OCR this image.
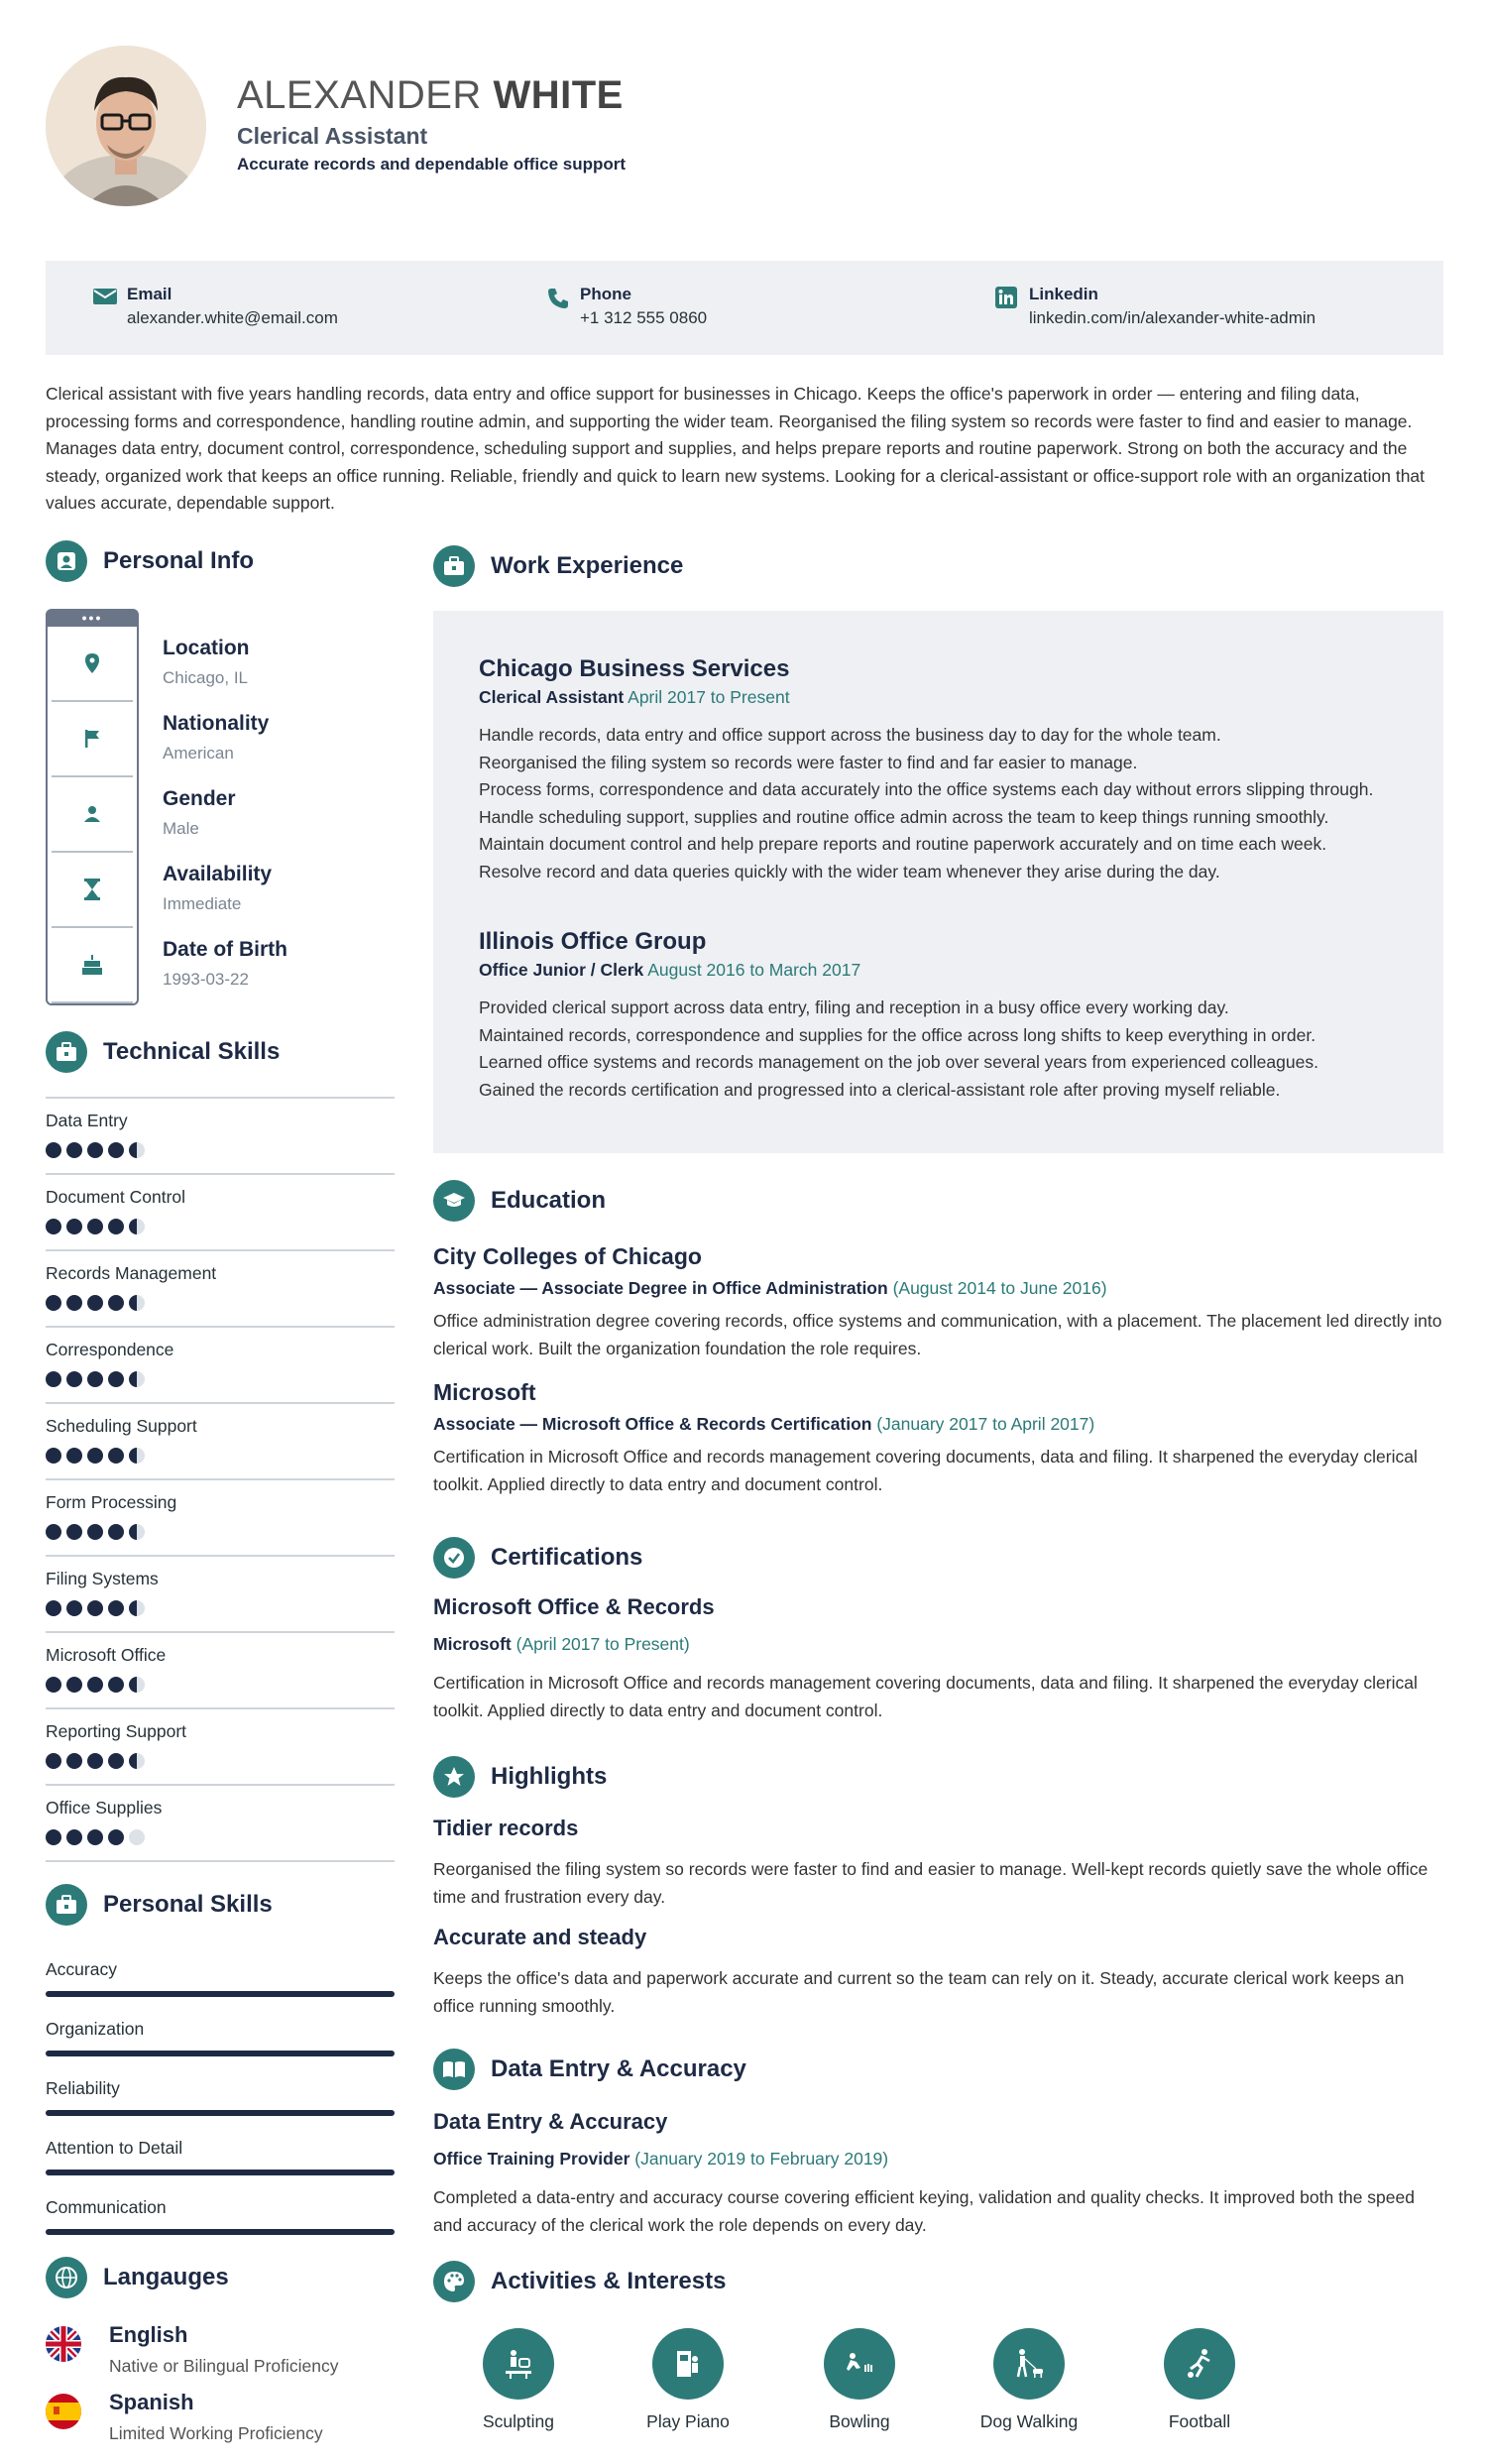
ALEXANDER WHITE
Clerical Assistant
Accurate records and dependable office support
Email
alexander.white@email.com
Phone
+1 312 555 0860
Linkedin
linkedin.com/in/alexander-white-admin
Clerical assistant with five years handling records, data entry and office support for businesses in Chicago. Keeps the office's paperwork in order — entering and filing data, processing forms and correspondence, handling routine admin, and supporting the wider team. Reorganised the filing system so records were faster to find and easier to manage. Manages data entry, document control, correspondence, scheduling support and supplies, and helps prepare reports and routine paperwork. Strong on both the accuracy and the steady, organized work that keeps an office running. Reliable, friendly and quick to learn new systems. Looking for a clerical-assistant or office-support role with an organization that values accurate, dependable support.
Personal Info
•••
Location
Chicago, IL
Nationality
American
Gender
Male
Availability
Immediate
Date of Birth
1993-03-22
Technical Skills
Data Entry
Document Control
Records Management
Correspondence
Scheduling Support
Form Processing
Filing Systems
Microsoft Office
Reporting Support
Office Supplies
Personal Skills
Accuracy
Organization
Reliability
Attention to Detail
Communication
Langauges
English
Native or Bilingual Proficiency
Spanish
Limited Working Proficiency
Work Experience
Chicago Business Services
Clerical Assistant April 2017 to Present
Handle records, data entry and office support across the business day to day for the whole team.
Reorganised the filing system so records were faster to find and far easier to manage.
Process forms, correspondence and data accurately into the office systems each day without errors slipping through.
Handle scheduling support, supplies and routine office admin across the team to keep things running smoothly.
Maintain document control and help prepare reports and routine paperwork accurately and on time each week.
Resolve record and data queries quickly with the wider team whenever they arise during the day.
Illinois Office Group
Office Junior / Clerk August 2016 to March 2017
Provided clerical support across data entry, filing and reception in a busy office every working day.
Maintained records, correspondence and supplies for the office across long shifts to keep everything in order.
Learned office systems and records management on the job over several years from experienced colleagues.
Gained the records certification and progressed into a clerical-assistant role after proving myself reliable.
Education
City Colleges of Chicago
Associate — Associate Degree in Office Administration (August 2014 to June 2016)
Office administration degree covering records, office systems and communication, with a placement. The placement led directly into clerical work. Built the organization foundation the role requires.
Microsoft
Associate — Microsoft Office & Records Certification (January 2017 to April 2017)
Certification in Microsoft Office and records management covering documents, data and filing. It sharpened the everyday clerical toolkit. Applied directly to data entry and document control.
Certifications
Microsoft Office & Records
Microsoft (April 2017 to Present)
Certification in Microsoft Office and records management covering documents, data and filing. It sharpened the everyday clerical toolkit. Applied directly to data entry and document control.
Highlights
Tidier records
Reorganised the filing system so records were faster to find and easier to manage. Well-kept records quietly save the whole office time and frustration every day.
Accurate and steady
Keeps the office's data and paperwork accurate and current so the team can rely on it. Steady, accurate clerical work keeps an office running smoothly.
Data Entry & Accuracy
Data Entry & Accuracy
Office Training Provider (January 2019 to February 2019)
Completed a data-entry and accuracy course covering efficient keying, validation and quality checks. It improved both the speed and accuracy of the clerical work the role depends on every day.
Activities & Interests
Sculpting	Play Piano	Bowling	Dog Walking	Football
